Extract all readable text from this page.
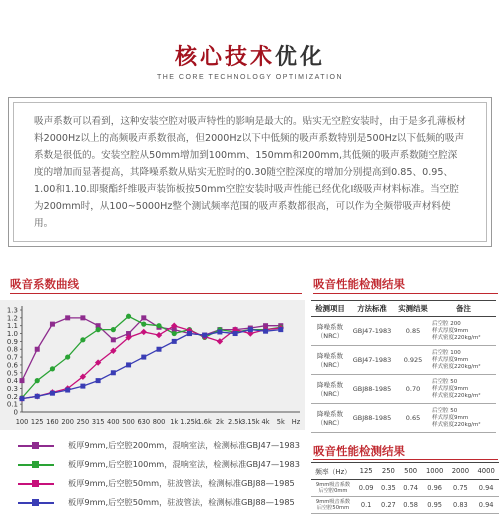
核心技术优化
THE CORE TECHNOLOGY OPTIMIZATION

吸声系数可以看到，这种安装空腔对吸声特性的影响是最大的。贴实无空腔安装时，由于是多孔薄板材料2000Hz以上的高频吸声系数很高，但2000Hz以下中低频的吸声系数特别是500Hz以下低频的吸声系数是很低的。安装空腔从50mm增加到100mm、150mm和200mm,其低频的吸声系数随空腔深度的增加而显著提高，其降噪系数从贴实无腔时的0.30随空腔深度的增加分别提高到0.85、0.95、1.00和1.10.即聚酯纤维吸声装饰板按50mm空腔安装时吸声性能已经优化I级吸声材料标准。当空腔为200mm时，从100~5000Hz整个测试频率范围的吸声系数都很高，可以作为全频带吸声材料使用。

吸音系数曲线
0
0.1
0.2
0.3
0.4
0.5
0.6
0.7
0.8
0.9
1.0
1.1
1.2
1.3
100 125 160 200 250 315 400 500 630 800 1k 1.25k
1.6k 2k 2.5k
3.15k 4k 5k Hz
板厚9mm,后空腔200mm，混响室法，检测标准GBJ47—1983
板厚9mm,后空腔100mm，混响室法，检测标准GBJ47—1983
板厚9mm,后空腔50mm，驻波管法，检测标准GBJ88—1985
板厚9mm,后空腔50mm，驻波管法，检测标准GBJ88—1985
吸音性能检测结果
检测项目	方法标准	实测结果	备注
降噪系数（NRC）	GBJ47-1983	0.85	后空腔 200
样式厚度9mm
样式密度220kg/m²
降噪系数（NRC）	GBJ47-1983	0.925	后空腔 100
样式厚度9mm
样式密度220kg/m²
降噪系数（NRC）	GBJ88-1985	0.70	后空腔 50
样式厚度9mm
样式密度220kg/m²
降噪系数（NRC）	GBJ88-1985	0.65	后空腔 50
样式厚度9mm
样式密度220kg/m²
吸音性能检测结果
频率（Hz）	125	250	500	1000	2000	4000
9mm吸音系数
后空腔0mm	0.09	0.35	0.74	0.96	0.75	0.94
9mm吸音系数
后空腔50mm	0.1	0.27	0.58	0.95	0.83	0.94
